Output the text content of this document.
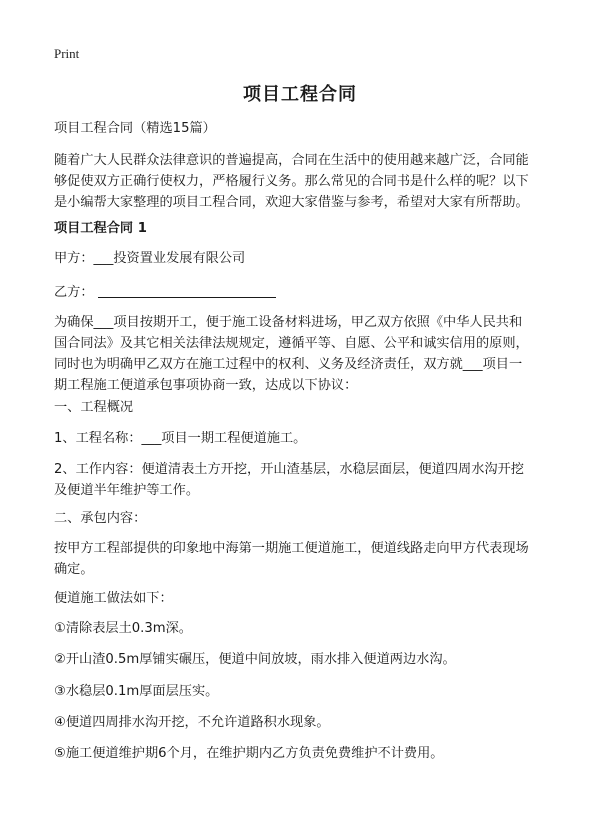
Print
项目工程合同
项目工程合同（精选15篇）
随着广大人民群众法律意识的普遍提高，合同在生活中的使用越来越广泛，合同能
够促使双方正确行使权力，严格履行义务。那么常见的合同书是什么样的呢？以下
是小编帮大家整理的项目工程合同，欢迎大家借鉴与参考，希望对大家有所帮助。
项目工程合同 1
甲方：___投资置业发展有限公司
乙方：
为确保___项目按期开工，便于施工设备材料进场，甲乙双方依照《中华人民共和
国合同法》及其它相关法律法规规定，遵循平等、自愿、公平和诚实信用的原则，
同时也为明确甲乙双方在施工过程中的权利、义务及经济责任，双方就___项目一
期工程施工便道承包事项协商一致，达成以下协议：
一、工程概况
1、工程名称：___项目一期工程便道施工。
2、工作内容：便道清表土方开挖，开山渣基层，水稳层面层，便道四周水沟开挖
及便道半年维护等工作。
二、承包内容：
按甲方工程部提供的印象地中海第一期施工便道施工，便道线路走向甲方代表现场
确定。
便道施工做法如下：
①清除表层土0.3m深。
②开山渣0.5m厚铺实碾压，便道中间放坡，雨水排入便道两边水沟。
③水稳层0.1m厚面层压实。
④便道四周排水沟开挖，不允许道路积水现象。
⑤施工便道维护期6个月，在维护期内乙方负责免费维护不计费用。
